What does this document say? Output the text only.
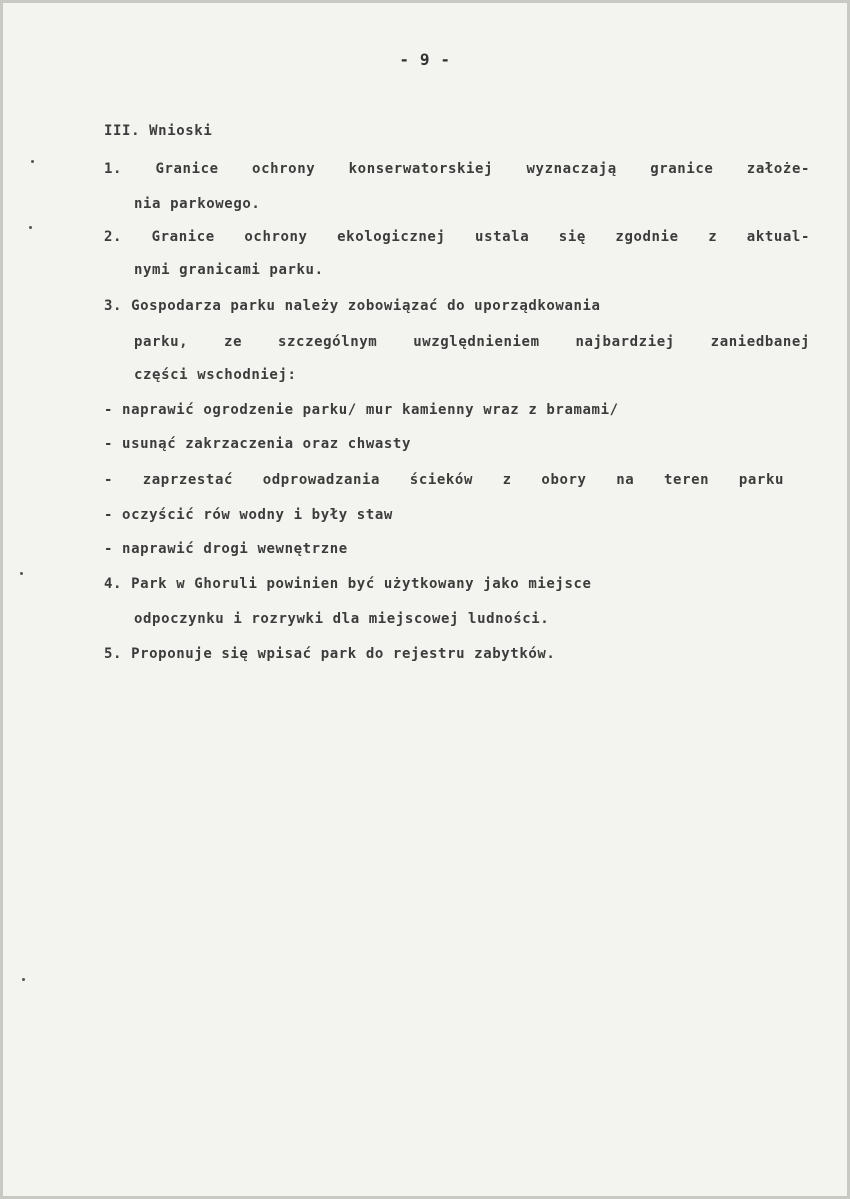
- 9 -
III. Wnioski
1. Granice ochrony konserwatorskiej wyznaczają granice założe-
nia parkowego.
2. Granice ochrony ekologicznej ustala się zgodnie z aktual-
nymi granicami parku.
3. Gospodarza parku należy zobowiązać do uporządkowania
parku, ze szczególnym uwzględnieniem najbardziej zaniedbanej
części wschodniej:
- naprawić ogrodzenie parku/ mur kamienny wraz z bramami/
- usunąć zakrzaczenia oraz chwasty
- zaprzestać odprowadzania ścieków z obory na teren parku
- oczyścić rów wodny i były staw
- naprawić drogi wewnętrzne
4. Park w Ghoruli powinien być użytkowany jako miejsce
odpoczynku i rozrywki dla miejscowej ludności.
5. Proponuje się wpisać park do rejestru zabytków.
